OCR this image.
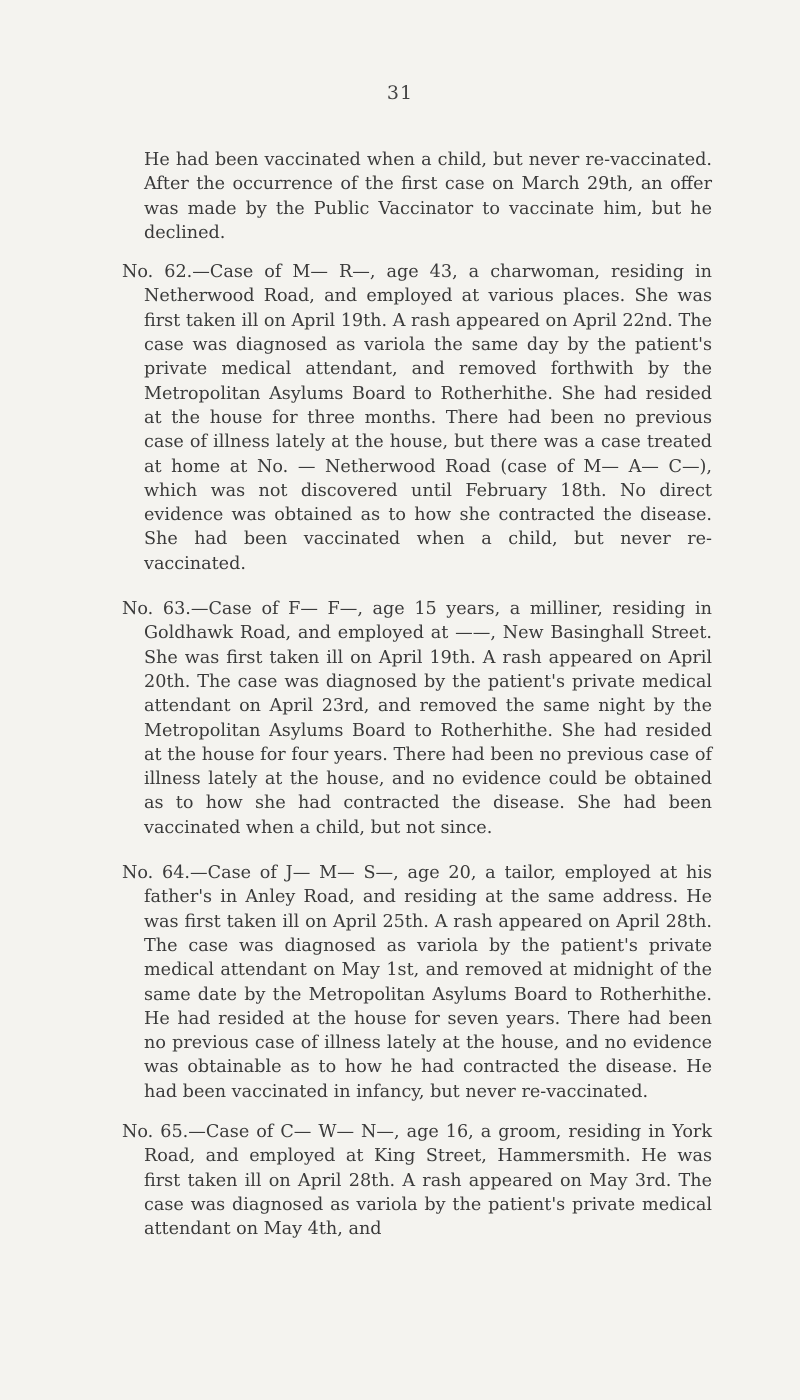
31

He had been vaccinated when a child, but never re-vaccinated. After the occurrence of the first case on March 29th, an offer was made by the Public Vaccinator to vaccinate him, but he declined.

No. 62.—Case of M— R—, age 43, a charwoman, residing in Netherwood Road, and employed at various places. She was first taken ill on April 19th. A rash appeared on April 22nd. The case was diagnosed as variola the same day by the patient's private medical attendant, and removed forthwith by the Metropolitan Asylums Board to Rotherhithe. She had resided at the house for three months. There had been no previous case of illness lately at the house, but there was a case treated at home at No. — Netherwood Road (case of M— A— C—), which was not discovered until February 18th. No direct evidence was obtained as to how she contracted the disease. She had been vaccinated when a child, but never re-vaccinated.

No. 63.—Case of F— F—, age 15 years, a milliner, residing in Goldhawk Road, and employed at ——, New Basinghall Street. She was first taken ill on April 19th. A rash appeared on April 20th. The case was diagnosed by the patient's private medical attendant on April 23rd, and removed the same night by the Metropolitan Asylums Board to Rotherhithe. She had resided at the house for four years. There had been no previous case of illness lately at the house, and no evidence could be obtained as to how she had contracted the disease. She had been vaccinated when a child, but not since.

No. 64.—Case of J— M— S—, age 20, a tailor, employed at his father's in Anley Road, and residing at the same address. He was first taken ill on April 25th. A rash appeared on April 28th. The case was diagnosed as variola by the patient's private medical attendant on May 1st, and removed at midnight of the same date by the Metropolitan Asylums Board to Rotherhithe. He had resided at the house for seven years. There had been no previous case of illness lately at the house, and no evidence was obtainable as to how he had contracted the disease. He had been vaccinated in infancy, but never re-vaccinated.

No. 65.—Case of C— W— N—, age 16, a groom, residing in York Road, and employed at King Street, Hammersmith. He was first taken ill on April 28th. A rash appeared on May 3rd. The case was diagnosed as variola by the patient's private medical attendant on May 4th, and
